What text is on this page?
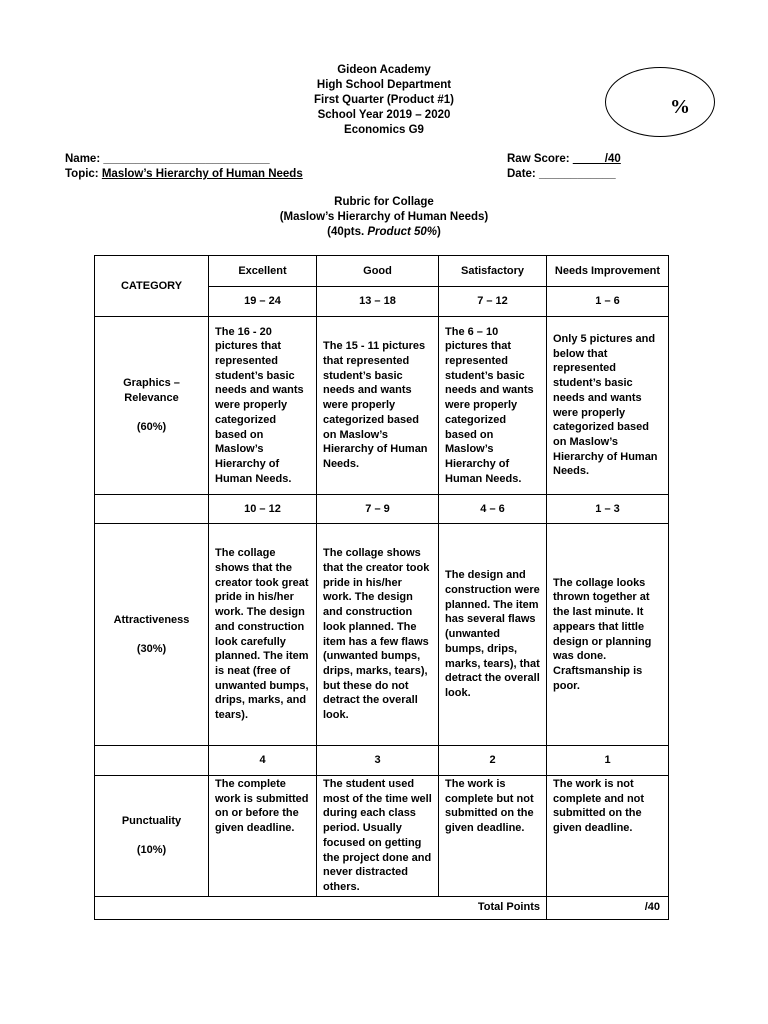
Gideon Academy
High School Department
First Quarter (Product #1)
School Year 2019 – 2020
Economics G9
%
Name: __________________________
Topic: Maslow’s Hierarchy of Human Needs
Raw Score: _____/40
Date: ____________
Rubric for Collage
(Maslow’s Hierarchy of Human Needs)
(40pts. Product 50%)
CATEGORY	Excellent	Good	Satisfactory	Needs Improvement
	19 – 24	13 – 18	7 – 12	1 – 6

Graphics – Relevance
(60%)	The 16 - 20 pictures that represented student’s basic needs and wants were properly categorized based on Maslow’s Hierarchy of Human Needs.	The 15 - 11 pictures that represented student’s basic needs and wants were properly categorized based on Maslow’s Hierarchy of Human Needs.	The 6 – 10 pictures that represented student’s basic needs and wants were properly categorized based on Maslow’s Hierarchy of Human Needs.	Only 5 pictures and below that represented student’s basic needs and wants were properly categorized based on Maslow’s Hierarchy of Human Needs.
	10 – 12	7 – 9	4 – 6	1 – 3

Attractiveness
(30%)	The collage shows that the creator took great pride in his/her work. The design and construction look carefully planned. The item is neat (free of unwanted bumps, drips, marks, and tears).	The collage shows that the creator took pride in his/her work. The design and construction look planned. The item has a few flaws (unwanted bumps, drips, marks, tears), but these do not detract the overall look.	The design and construction were planned. The item has several flaws (unwanted bumps, drips, marks, tears), that detract the overall look.	The collage looks thrown together at the last minute. It appears that little design or planning was done. Craftsmanship is poor.
	4	3	2	1

Punctuality
(10%)	The complete work is submitted on or before the given deadline.	The student used most of the time well during each class period. Usually focused on getting the project done and never distracted others.	The work is complete but not submitted on the given deadline.	The work is not complete and not submitted on the given deadline.
Total Points				/40
